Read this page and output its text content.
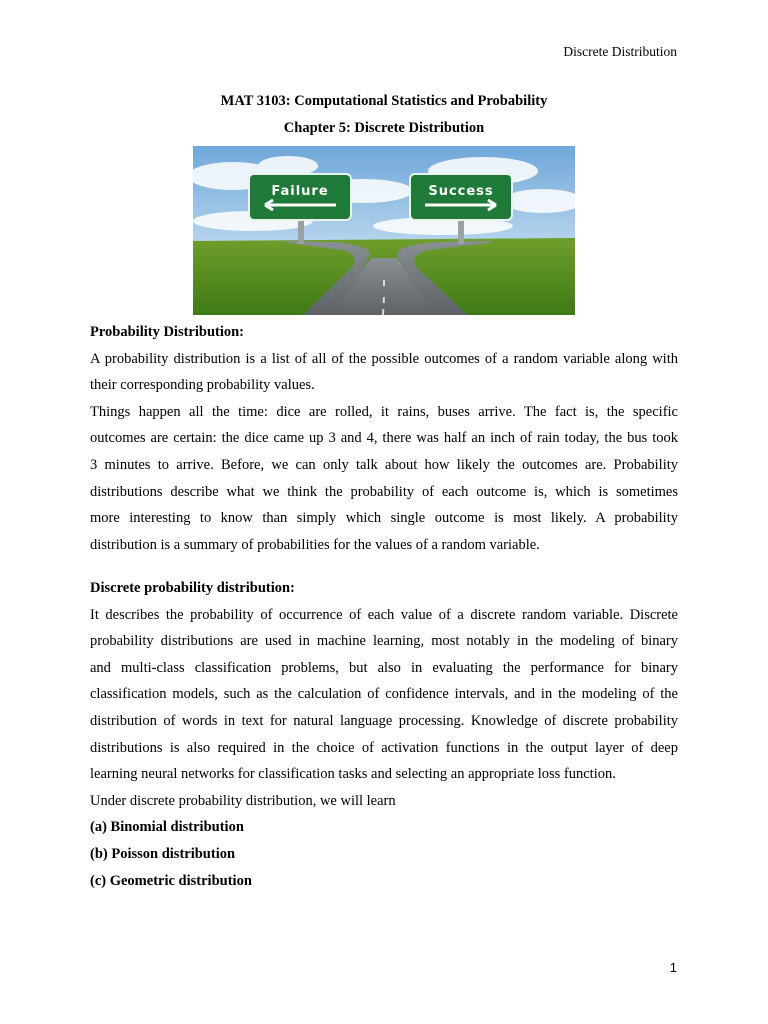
Discrete Distribution
MAT 3103: Computational Statistics and Probability
Chapter 5: Discrete Distribution
Failure	Success
Probability Distribution:
A probability distribution is a list of all of the possible outcomes of a random variable along with
their corresponding probability values.
Things happen all the time: dice are rolled, it rains, buses arrive. The fact is, the specific
outcomes are certain: the dice came up 3 and 4, there was half an inch of rain today, the bus took
3 minutes to arrive. Before, we can only talk about how likely the outcomes are. Probability
distributions describe what we think the probability of each outcome is, which is sometimes
more interesting to know than simply which single outcome is most likely. A probability
distribution is a summary of probabilities for the values of a random variable.
Discrete probability distribution:
It describes the probability of occurrence of each value of a discrete random variable. Discrete
probability distributions are used in machine learning, most notably in the modeling of binary
and multi-class classification problems, but also in evaluating the performance for binary
classification models, such as the calculation of confidence intervals, and in the modeling of the
distribution of words in text for natural language processing. Knowledge of discrete probability
distributions is also required in the choice of activation functions in the output layer of deep
learning neural networks for classification tasks and selecting an appropriate loss function.
Under discrete probability distribution, we will learn
(a) Binomial distribution
(b) Poisson distribution
(c) Geometric distribution
1
